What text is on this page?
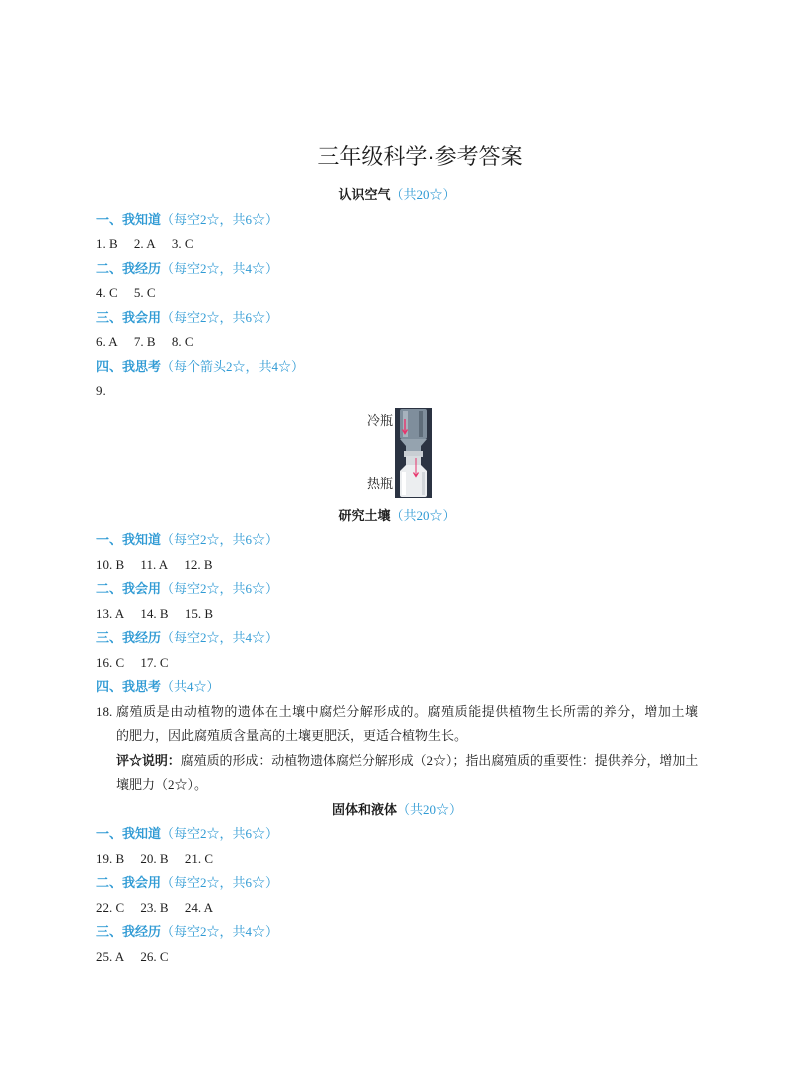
三年级科学·参考答案
认识空气（共20☆）
一、我知道（每空2☆，共6☆）
1. B 2. A 3. C
二、我经历（每空2☆，共4☆）
4. C 5. C
三、我会用（每空2☆，共6☆）
6. A 7. B 8. C
四、我思考（每个箭头2☆，共4☆）
9.
冷瓶
热瓶
研究土壤（共20☆）
一、我知道（每空2☆，共6☆）
10. B 11. A 12. B
二、我会用（每空2☆，共6☆）
13. A 14. B 15. B
三、我经历（每空2☆，共4☆）
16. C 17. C
四、我思考（共4☆）
18. 腐殖质是由动植物的遗体在土壤中腐烂分解形成的。腐殖质能提供植物生长所需的养分，增加土壤
的肥力，因此腐殖质含量高的土壤更肥沃，更适合植物生长。
评☆说明：腐殖质的形成：动植物遗体腐烂分解形成（2☆）；指出腐殖质的重要性：提供养分，增加土
壤肥力（2☆）。
固体和液体（共20☆）
一、我知道（每空2☆，共6☆）
19. B 20. B 21. C
二、我会用（每空2☆，共6☆）
22. C 23. B 24. A
三、我经历（每空2☆，共4☆）
25. A 26. C
